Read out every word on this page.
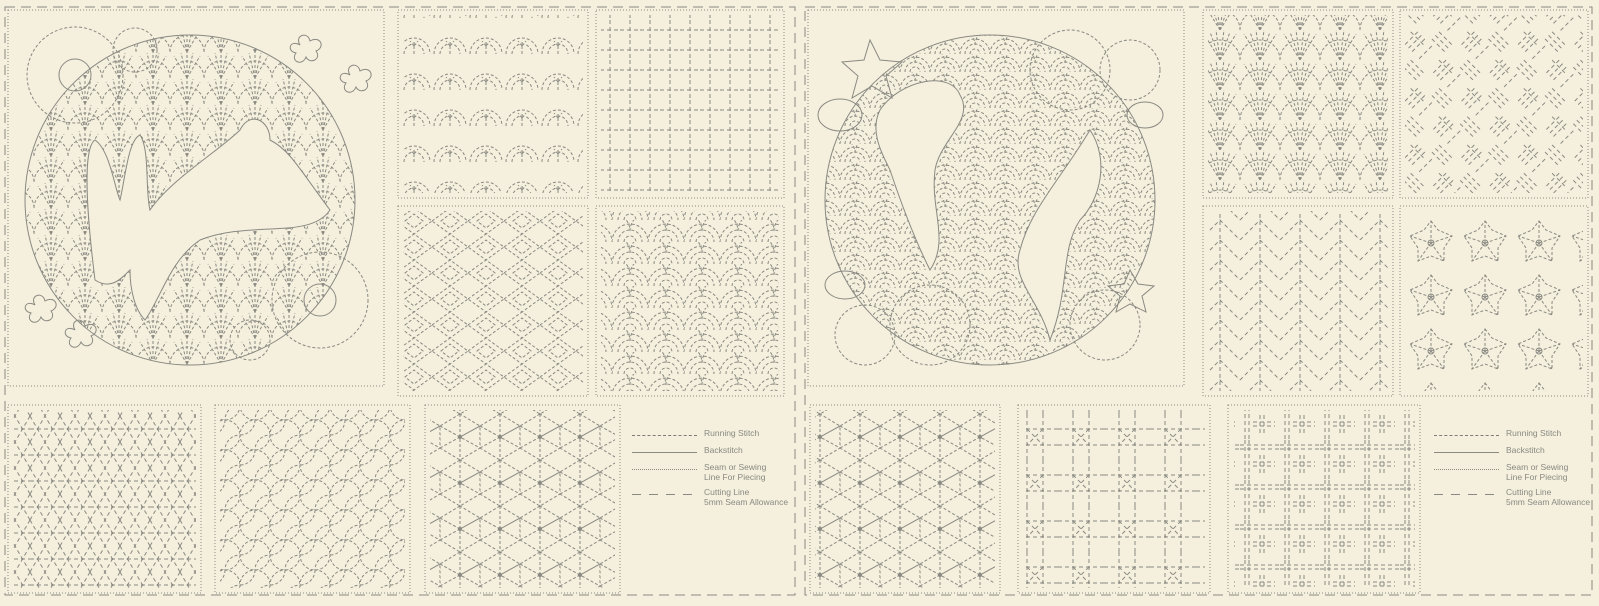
Running Stitch
Backstitch
Seam or Sewing
Line For Piecing
Cutting Line
5mm Seam Allowance
Running Stitch
Backstitch
Seam or Sewing
Line For Piecing
Cutting Line
5mm Seam Allowance
